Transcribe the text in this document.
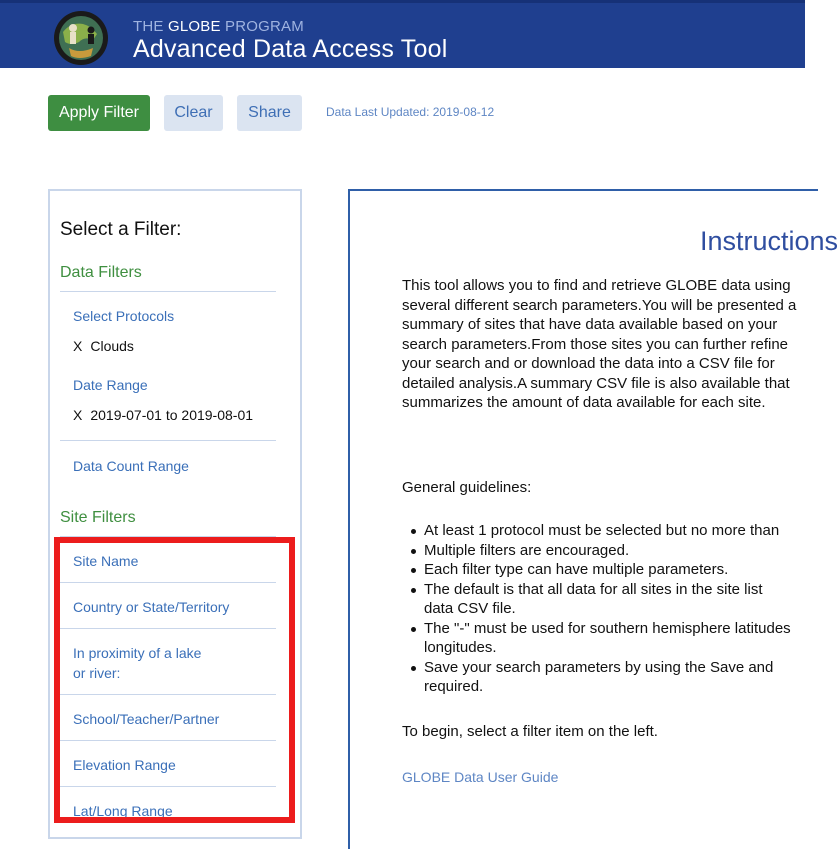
THE GLOBE PROGRAM
Advanced Data Access Tool
Apply Filter	Clear	Share	Data Last Updated: 2019-08-12
Select a Filter:
Data Filters
Select Protocols
X Clouds
Date Range
X 2019-07-01 to 2019-08-01
Data Count Range
Site Filters
Site Name
Country or State/Territory
In proximity of a lake
or river:
School/Teacher/Partner
Elevation Range
Lat/Long Range
Instructions
This tool allows you to find and retrieve GLOBE data using several different search parameters.You will be presented a summary of sites that have data available based on your search parameters.From those sites you can further refine your search and or download the data into a CSV file for detailed analysis.A summary CSV file is also available that summarizes the amount of data available for each site.
General guidelines:
At least 1 protocol must be selected but no more than
Multiple filters are encouraged.
Each filter type can have multiple parameters.
The default is that all data for all sites in the site list
data CSV file.
The "-" must be used for southern hemisphere latitudes
longitudes.
Save your search parameters by using the Save and
required.
To begin, select a filter item on the left.
GLOBE Data User Guide
